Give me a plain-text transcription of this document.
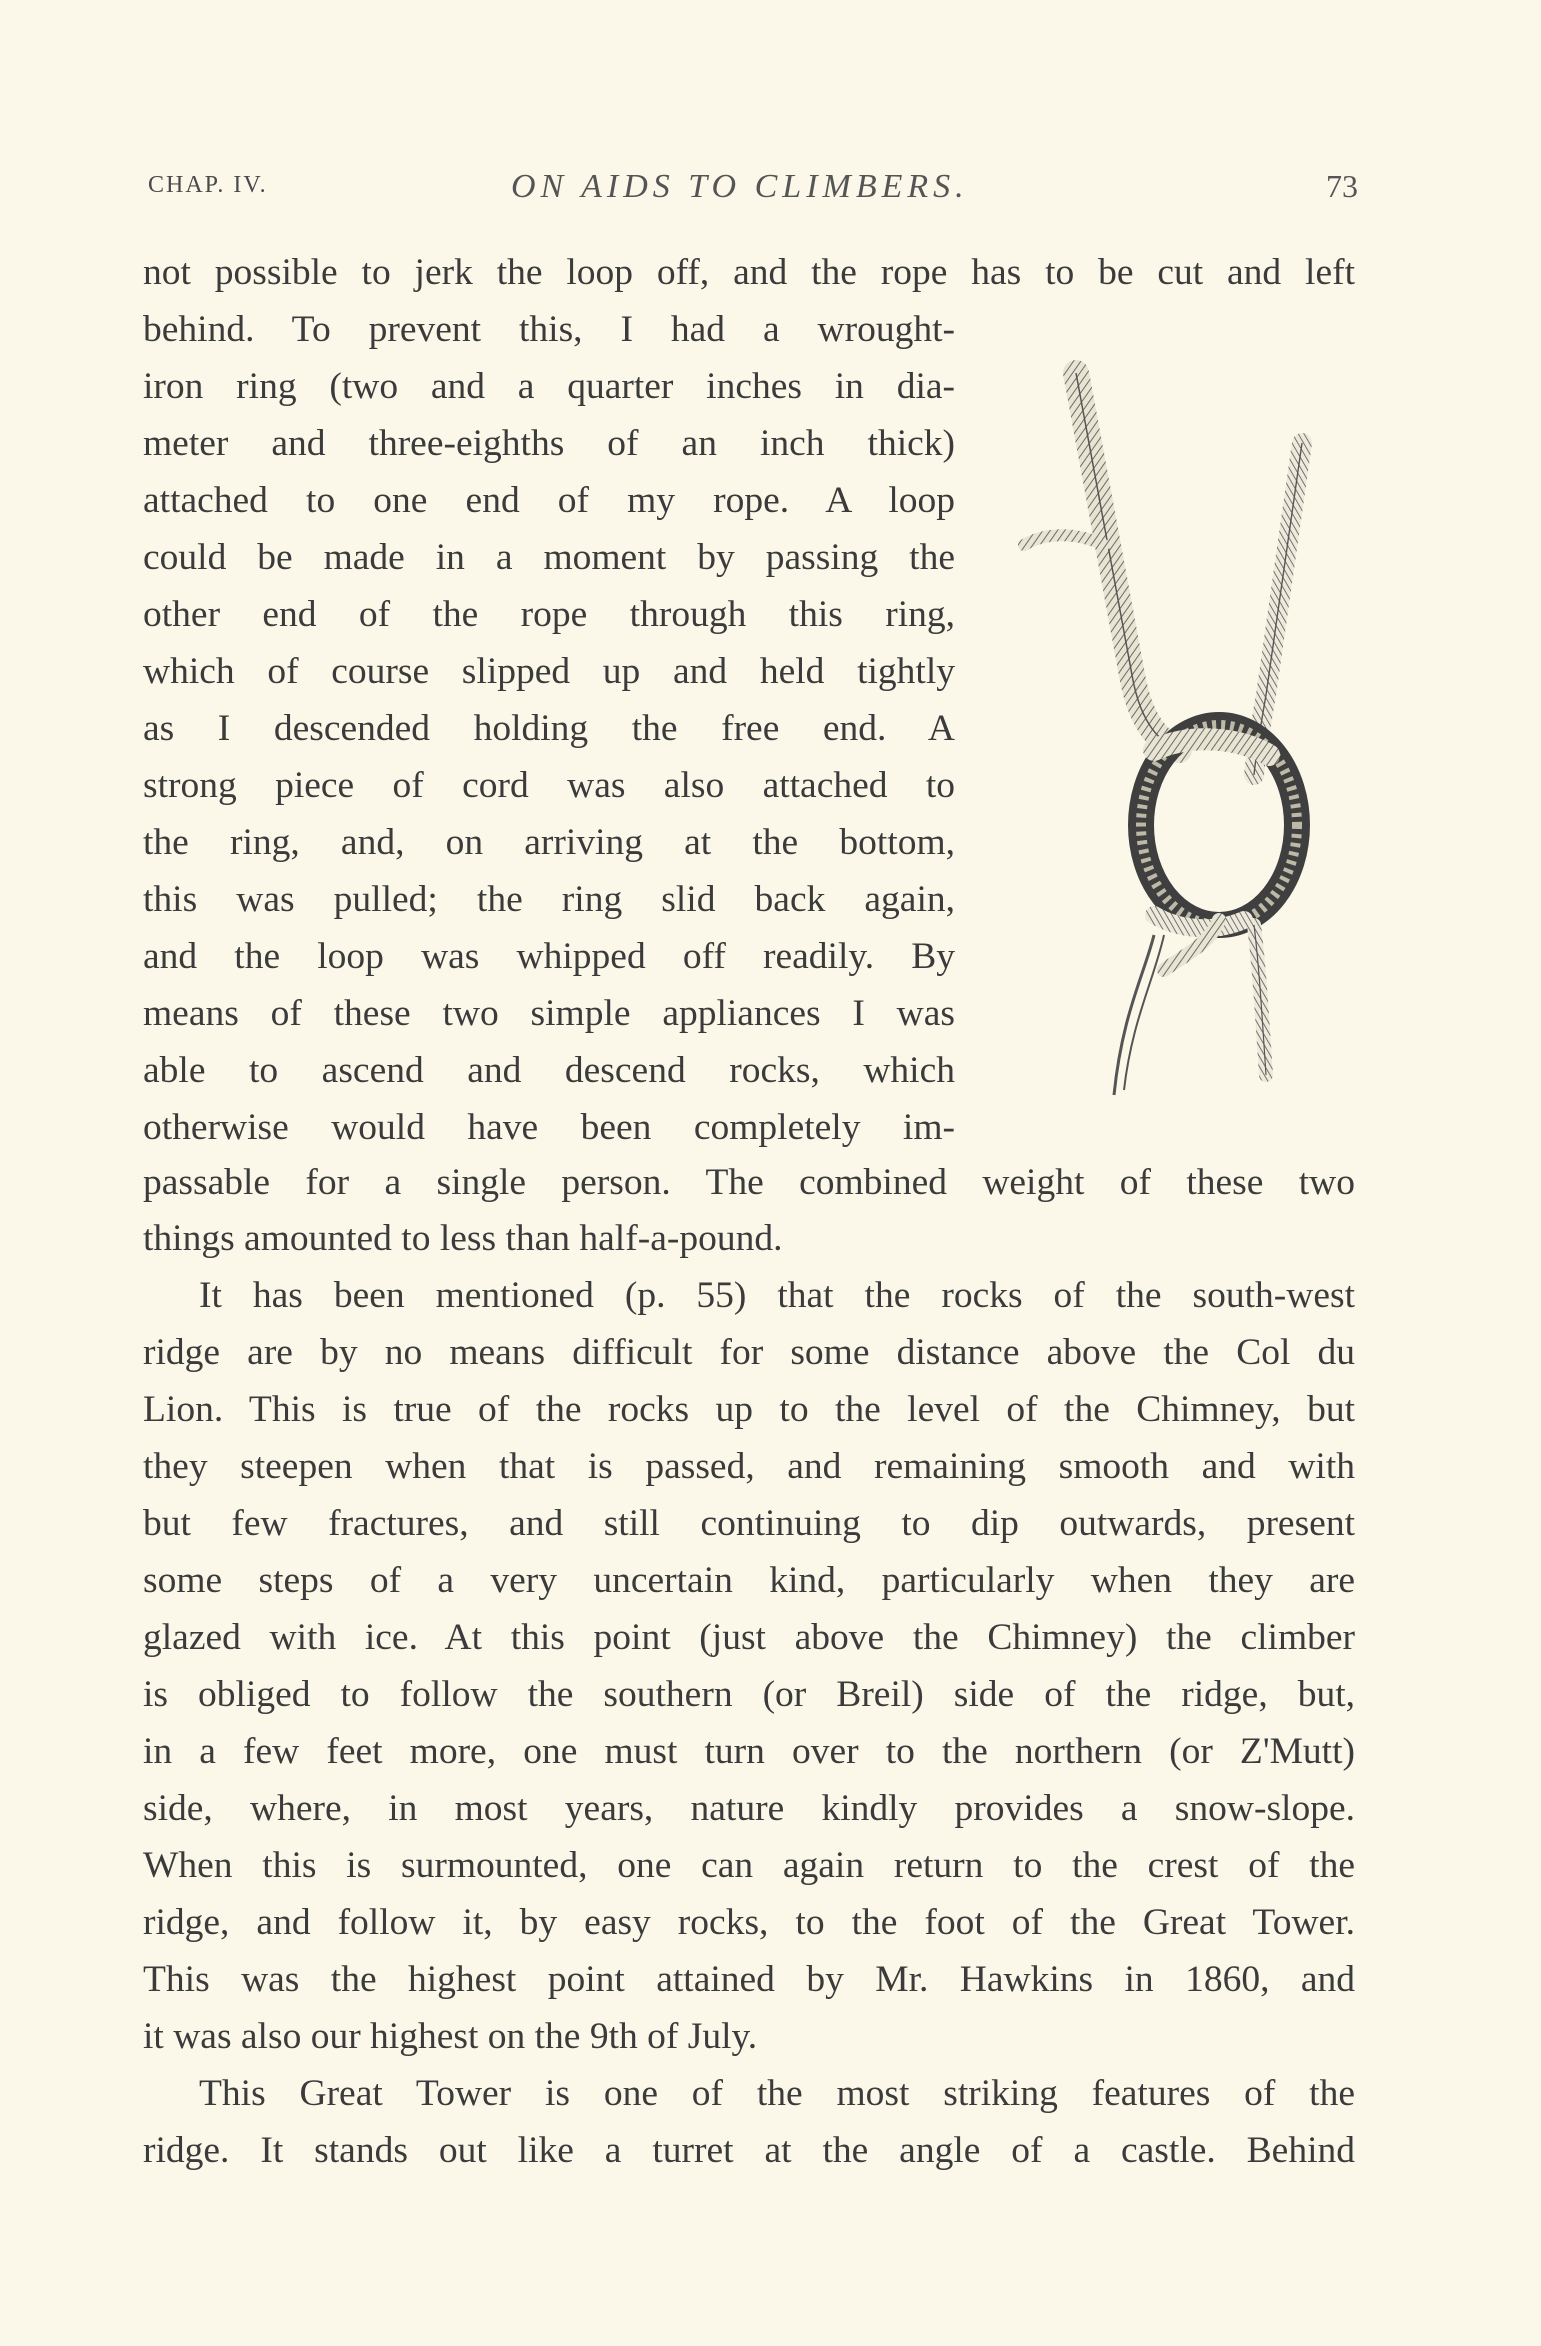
CHAP. IV.	ON AIDS TO CLIMBERS.	73
not possible to jerk the loop off, and the rope has to be cut and left
behind. To prevent this, I had a wrought-
iron ring (two and a quarter inches in dia-
meter and three-eighths of an inch thick)
attached to one end of my rope. A loop
could be made in a moment by passing the
other end of the rope through this ring,
which of course slipped up and held tightly
as I descended holding the free end. A
strong piece of cord was also attached to
the ring, and, on arriving at the bottom,
this was pulled; the ring slid back again,
and the loop was whipped off readily. By
means of these two simple appliances I was
able to ascend and descend rocks, which
otherwise would have been completely im-
passable for a single person. The combined weight of these two
things amounted to less than half-a-pound.
It has been mentioned (p. 55) that the rocks of the south-west
ridge are by no means difficult for some distance above the Col du
Lion. This is true of the rocks up to the level of the Chimney, but
they steepen when that is passed, and remaining smooth and with
but few fractures, and still continuing to dip outwards, present
some steps of a very uncertain kind, particularly when they are
glazed with ice. At this point (just above the Chimney) the climber
is obliged to follow the southern (or Breil) side of the ridge, but,
in a few feet more, one must turn over to the northern (or Z'Mutt)
side, where, in most years, nature kindly provides a snow-slope.
When this is surmounted, one can again return to the crest of the
ridge, and follow it, by easy rocks, to the foot of the Great Tower.
This was the highest point attained by Mr. Hawkins in 1860, and
it was also our highest on the 9th of July.
This Great Tower is one of the most striking features of the
ridge. It stands out like a turret at the angle of a castle. Behind
